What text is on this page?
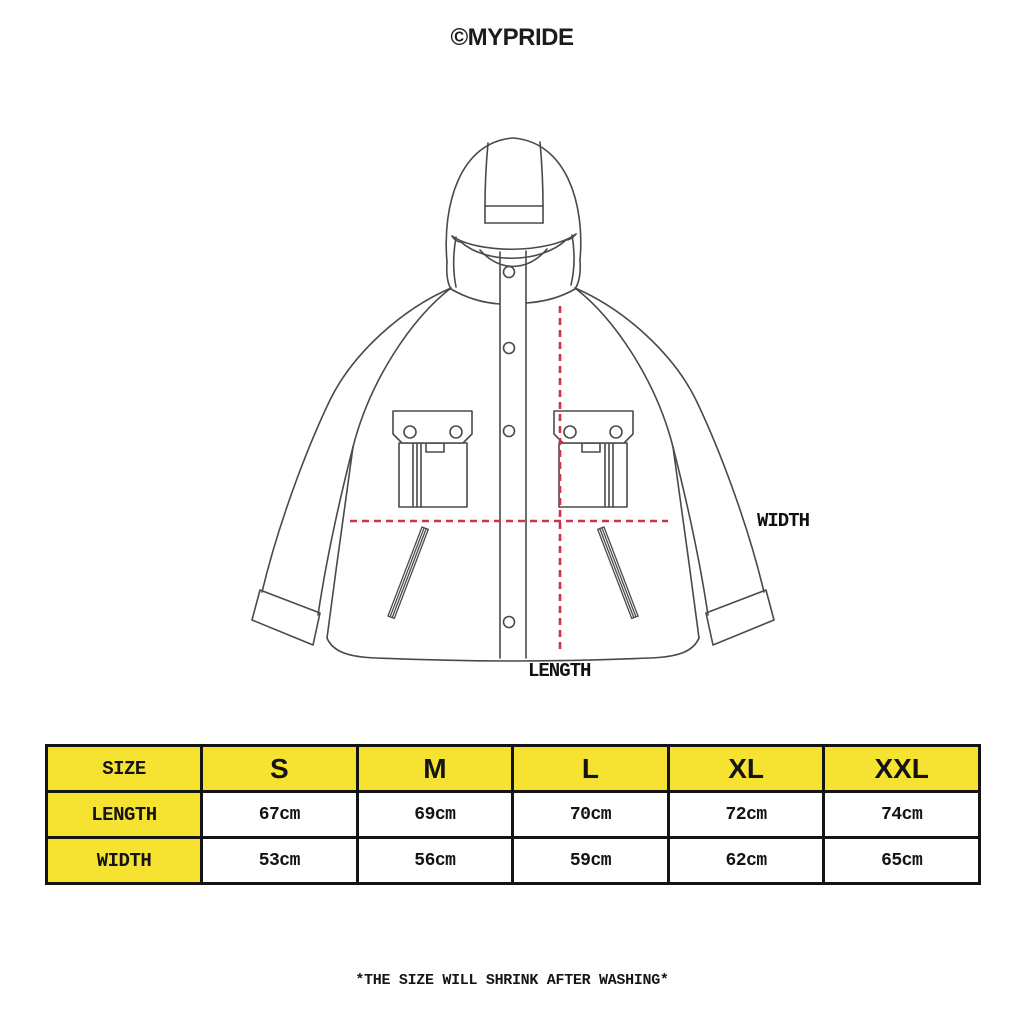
©MYPRIDE
WIDTH
LENGTH
SIZE	S	M	L	XL	XXL
LENGTH	67cm	69cm	70cm	72cm	74cm
WIDTH	53cm	56cm	59cm	62cm	65cm
*THE SIZE WILL SHRINK AFTER WASHING*
